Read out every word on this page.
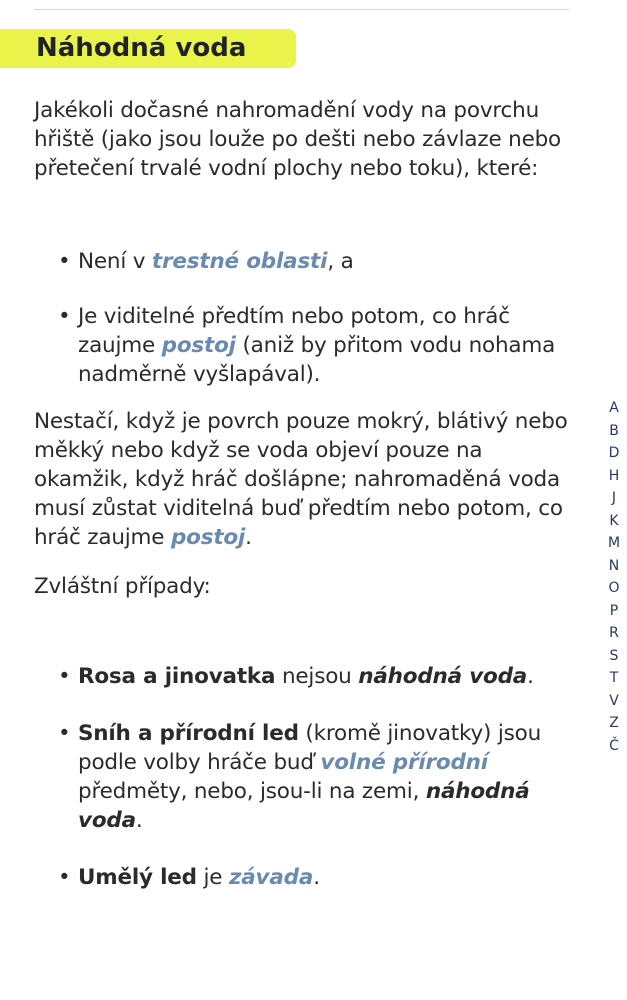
Náhodná voda

Jakékoli dočasné nahromadění vody na povrchu hřiště (jako jsou louže po dešti nebo závlaze nebo přetečení trvalé vodní plochy nebo toku), které:

• Není v trestné oblasti, a
• Je viditelné předtím nebo potom, co hráč zaujme postoj (aniž by přitom vodu nohama nadměrně vyšlapával).

Nestačí, když je povrch pouze mokrý, blátivý nebo měkký nebo když se voda objeví pouze na okamžik, když hráč došlápne; nahromaděná voda musí zůstat viditelná buď předtím nebo potom, co hráč zaujme postoj.

Zvláštní případy:

• Rosa a jinovatka nejsou náhodná voda.
• Sníh a přírodní led (kromě jinovatky) jsou podle volby hráče buď volné přírodní předměty, nebo, jsou-li na zemi, náhodná voda.
• Umělý led je závada.
A
B
D
H
J
K
M
N
O
P
R
S
T
V
Z
Č
